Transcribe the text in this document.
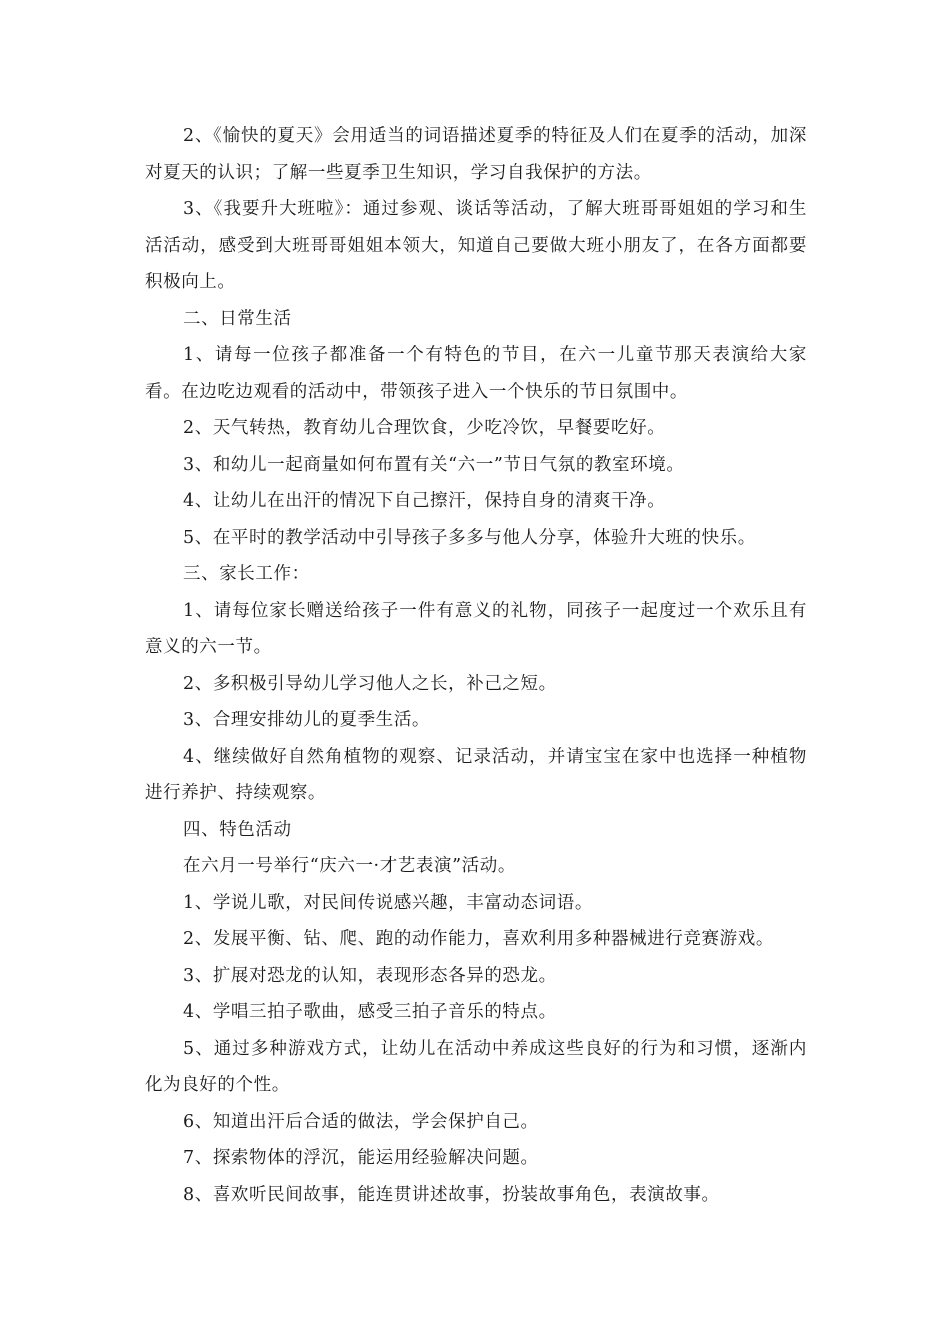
2、《愉快的夏天》会用适当的词语描述夏季的特征及人们在夏季的活动，加深对夏天的认识；了解一些夏季卫生知识，学习自我保护的方法。

3、《我要升大班啦》：通过参观、谈话等活动，了解大班哥哥姐姐的学习和生活活动，感受到大班哥哥姐姐本领大，知道自己要做大班小朋友了，在各方面都要积极向上。

二、日常生活

1、请每一位孩子都准备一个有特色的节目，在六一儿童节那天表演给大家看。在边吃边观看的活动中，带领孩子进入一个快乐的节日氛围中。

2、天气转热，教育幼儿合理饮食，少吃冷饮，早餐要吃好。

3、和幼儿一起商量如何布置有关“六一”节日气氛的教室环境。

4、让幼儿在出汗的情况下自己擦汗，保持自身的清爽干净。

5、在平时的教学活动中引导孩子多多与他人分享，体验升大班的快乐。

三、家长工作：

1、请每位家长赠送给孩子一件有意义的礼物，同孩子一起度过一个欢乐且有意义的六一节。

2、多积极引导幼儿学习他人之长，补己之短。

3、合理安排幼儿的夏季生活。

4、继续做好自然角植物的观察、记录活动，并请宝宝在家中也选择一种植物进行养护、持续观察。

四、特色活动

在六月一号举行“庆六一·才艺表演”活动。

1、学说儿歌，对民间传说感兴趣，丰富动态词语。

2、发展平衡、钻、爬、跑的动作能力，喜欢利用多种器械进行竞赛游戏。

3、扩展对恐龙的认知，表现形态各异的恐龙。

4、学唱三拍子歌曲，感受三拍子音乐的特点。

5、通过多种游戏方式，让幼儿在活动中养成这些良好的行为和习惯，逐渐内化为良好的个性。

6、知道出汗后合适的做法，学会保护自己。

7、探索物体的浮沉，能运用经验解决问题。

8、喜欢听民间故事，能连贯讲述故事，扮装故事角色，表演故事。
